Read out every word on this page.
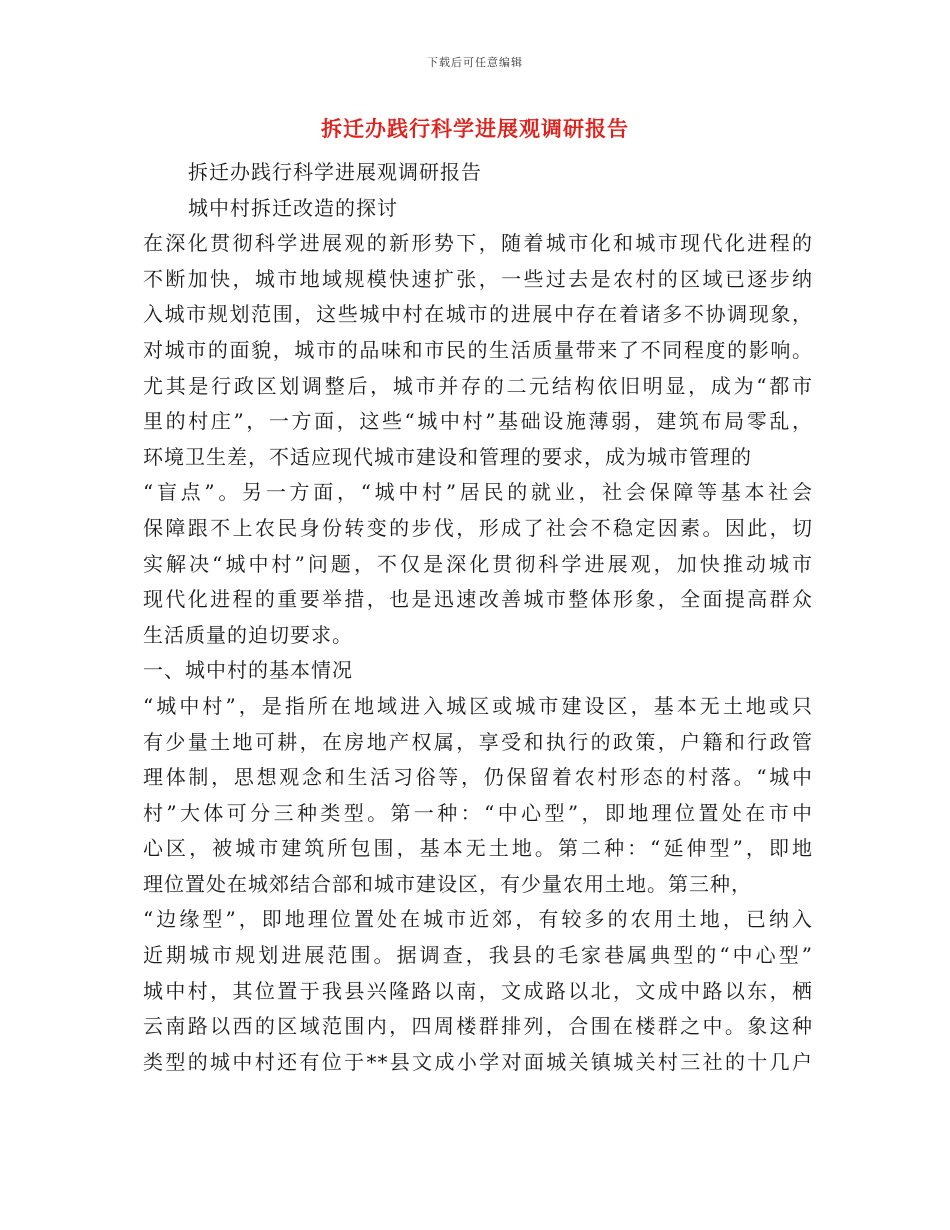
下载后可任意编辑
拆迁办践行科学进展观调研报告
拆迁办践行科学进展观调研报告
城中村拆迁改造的探讨
在深化贯彻科学进展观的新形势下，随着城市化和城市现代化进程的
不断加快，城市地域规模快速扩张，一些过去是农村的区域已逐步纳
入城市规划范围，这些城中村在城市的进展中存在着诸多不协调现象，
对城市的面貌，城市的品味和市民的生活质量带来了不同程度的影响。
尤其是行政区划调整后，城市并存的二元结构依旧明显，成为“都市
里的村庄”，一方面，这些“城中村”基础设施薄弱，建筑布局零乱，
环境卫生差，不适应现代城市建设和管理的要求，成为城市管理的
“盲点”。另一方面，“城中村”居民的就业，社会保障等基本社会
保障跟不上农民身份转变的步伐，形成了社会不稳定因素。因此，切
实解决“城中村”问题，不仅是深化贯彻科学进展观，加快推动城市
现代化进程的重要举措，也是迅速改善城市整体形象，全面提高群众
生活质量的迫切要求。
一、城中村的基本情况
“城中村”，是指所在地域进入城区或城市建设区，基本无土地或只
有少量土地可耕，在房地产权属，享受和执行的政策，户籍和行政管
理体制，思想观念和生活习俗等，仍保留着农村形态的村落。“城中
村”大体可分三种类型。第一种：“中心型”，即地理位置处在市中
心区，被城市建筑所包围，基本无土地。第二种：“延伸型”，即地
理位置处在城郊结合部和城市建设区，有少量农用土地。第三种，
“边缘型”，即地理位置处在城市近郊，有较多的农用土地，已纳入
近期城市规划进展范围。据调查，我县的毛家巷属典型的“中心型”
城中村，其位置于我县兴隆路以南，文成路以北，文成中路以东，栖
云南路以西的区域范围内，四周楼群排列，合围在楼群之中。象这种
类型的城中村还有位于**县文成小学对面城关镇城关村三社的十几户
